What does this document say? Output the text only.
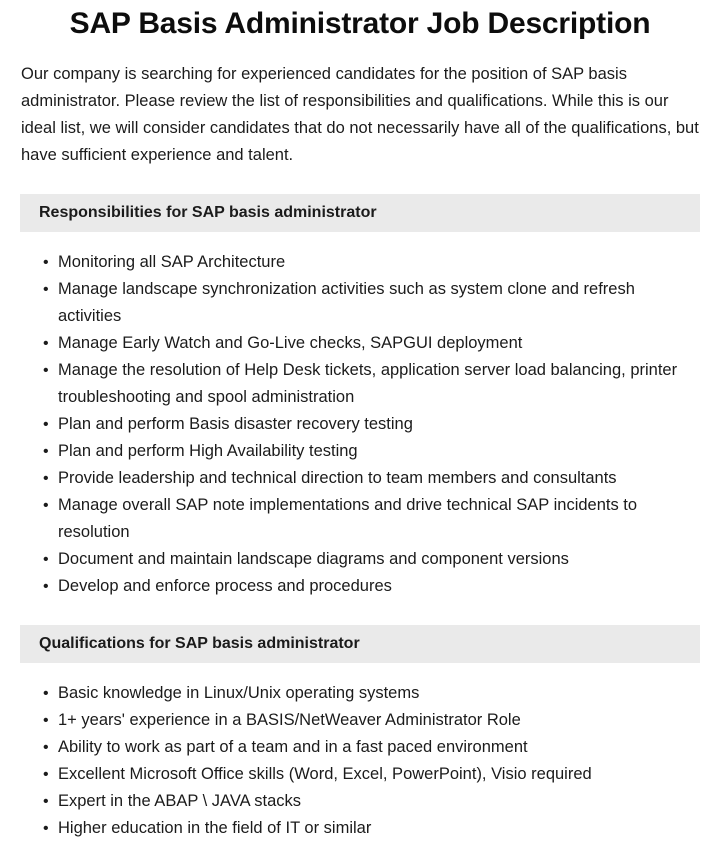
SAP Basis Administrator Job Description

Our company is searching for experienced candidates for the position of SAP basis administrator. Please review the list of responsibilities and qualifications. While this is our ideal list, we will consider candidates that do not necessarily have all of the qualifications, but have sufficient experience and talent.

Responsibilities for SAP basis administrator
• Monitoring all SAP Architecture
• Manage landscape synchronization activities such as system clone and refresh activities
• Manage Early Watch and Go-Live checks, SAPGUI deployment
• Manage the resolution of Help Desk tickets, application server load balancing, printer troubleshooting and spool administration
• Plan and perform Basis disaster recovery testing
• Plan and perform High Availability testing
• Provide leadership and technical direction to team members and consultants
• Manage overall SAP note implementations and drive technical SAP incidents to resolution
• Document and maintain landscape diagrams and component versions
• Develop and enforce process and procedures
Qualifications for SAP basis administrator
• Basic knowledge in Linux/Unix operating systems
• 1+ years' experience in a BASIS/NetWeaver Administrator Role
• Ability to work as part of a team and in a fast paced environment
• Excellent Microsoft Office skills (Word, Excel, PowerPoint), Visio required
• Expert in the ABAP \ JAVA stacks
• Higher education in the field of IT or similar
